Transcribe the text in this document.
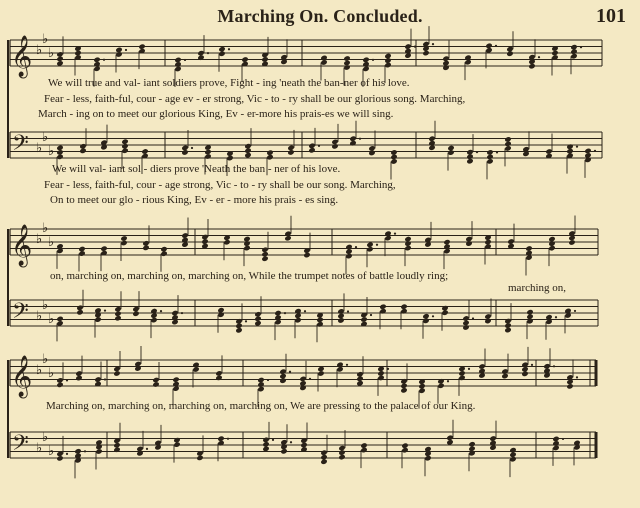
Marching On. Concluded.	101
𝄞 ♭
♭
♭
𝄢 ♭
♭
♭
𝄞 ♭
♭
♭
𝄢 ♭
♭
♭
𝄞 ♭
♭
♭
𝄢 ♭
♭
♭
We will true and val- iant soldiers prove, Fight - ing 'neath the ban-ner of his love.
Fear - less, faith-ful, cour - age ev - er strong, Vic - to - ry shall be our glorious song. Marching,
March - ing on to meet our glorious King, Ev - er-more his prais-es we will sing.
We will val- iant sol - diers prove 'Neath the ban - ner of his love.
Fear - less, faith-ful, cour - age strong, Vic - to - ry shall be our song. Marching,
On to meet our glo - rious King, Ev - er - more his prais - es sing.
on, marching on, marching on, marching on, While the trumpet notes of battle loudly ring;
marching on,
Marching on, marching on, marching on, marching on, We are pressing to the palace of our King.
